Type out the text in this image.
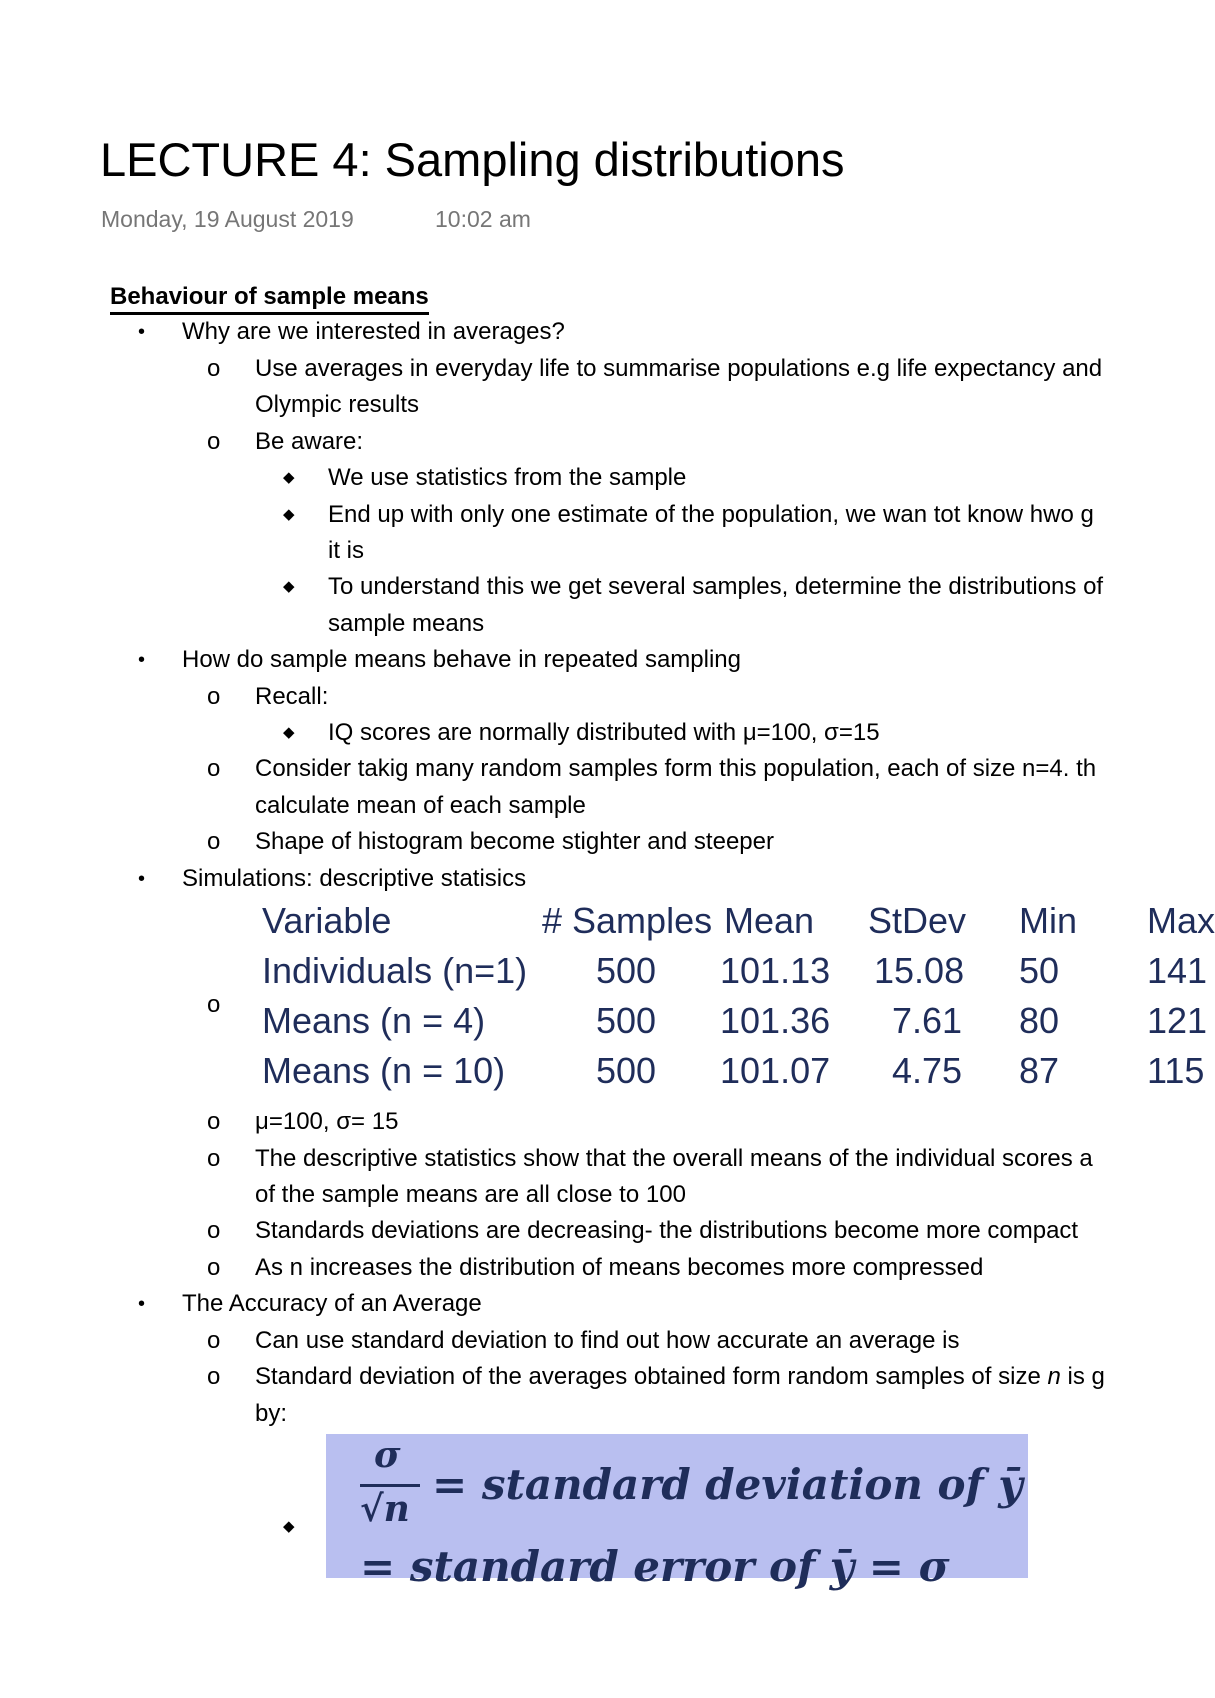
LECTURE 4: Sampling distributions
Monday, 19 August 2019	10:02 am
Behaviour of sample means
• Why are we interested in averages?
o Use averages in everyday life to summarise populations e.g life expectancy and
Olympic results
o Be aware:
◆ We use statistics from the sample
◆ End up with only one estimate of the population, we wan tot know hwo g
it is
◆ To understand this we get several samples, determine the distributions of
sample means
• How do sample means behave in repeated sampling
o Recall:
◆ IQ scores are normally distributed with μ=100, σ=15
o Consider takig many random samples form this population, each of size n=4. th
calculate mean of each sample
o Shape of histogram become stighter and steeper
• Simulations: descriptive statisics
o
Variable	# Samples Mean StDev Min Max
Individuals (n=1) 500 101.13 15.08 50 141
Means (n = 4)	500 101.36 7.61 80 121
Means (n = 10)	500 101.07 4.75 87 115
o μ=100, σ= 15
o The descriptive statistics show that the overall means of the individual scores a
of the sample means are all close to 100
o Standards deviations are decreasing- the distributions become more compact
o As n increases the distribution of means becomes more compressed
• The Accuracy of an Average
o Can use standard deviation to find out how accurate an average is
o Standard deviation of the averages obtained form random samples of size n is g
by:
◆
σ
√n = standard deviation of ȳ
= standard error of ȳ = σ
